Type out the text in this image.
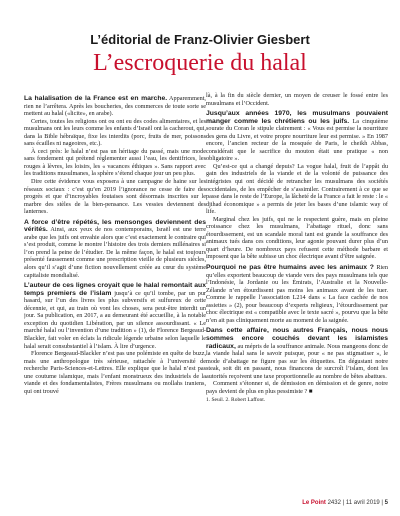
L’éditorial de Franz-Olivier Giesbert
L’escroquerie du halal

La halalisation de la France est en marche. Apparemment, rien ne l’arrêtera. Après les boucheries, des commerces de toute sorte se mettent au halal («licite», en arabe).

Certes, toutes les religions ont ou ont eu des codes alimentaires, et les musulmans ont les leurs comme les enfants d’Israël ont la cacherout, qui, dans la Bible hébraïque, fixe les interdits (porc, fruits de mer, poissons sans écailles ni nageoires, etc.).

À ceci près: le halal n’est pas un héritage du passé, mais une mode sans fondement qui prétend réglementer aussi l’eau, les dentifrices, les rouges à lèvres, les loisirs, les « vacances éthiques ». Sans rapport avec les traditions musulmanes, la sphère s’étend chaque jour un peu plus.

Dire cette évidence vous exposera à une campagne de haine sur les réseaux sociaux : c’est qu’en 2019 l’ignorance ne cesse de faire des progrès et que d’incroyables foutaises sont désormais inscrites sur le marbre des stèles de la bien-pensance. Les vessies deviennent des lanternes.

A force d’être répétés, les mensonges deviennent des vérités. Ainsi, aux yeux de nos contemporains, Israël est une terre arabe que les juifs ont envahie alors que c’est exactement le contraire qui s’est produit, comme le montre l’histoire des trois derniers millénaires si l’on prend la peine de l’étudier. De la même façon, le halal est toujours présenté faussement comme une prescription vieille de plusieurs siècles, alors qu’il s’agit d’une fiction nouvellement créée au cœur du système capitaliste mondialisé.

L’auteur de ces lignes croyait que le halal remontait aux temps premiers de l’islam jusqu’à ce qu’il tombe, par un pur hasard, sur l’un des livres les plus subversifs et sulfureux de cette décennie, et qui, au train où vont les choses, sera peut-être interdit un jour. Sa publication, en 2017, a au demeurant été accueillie, à la notable exception du quotidien Libération, par un silence assourdissant. « Le marché halal ou l’invention d’une tradition » (1), de Florence Bergeaud-Blackler, fait voler en éclats la ridicule légende urbaine selon laquelle le halal serait consubstantiel à l’islam. À lire d’urgence.

Florence Bergeaud-Blackler n’est pas une polémiste en quête de buzz, mais une anthropologue très sérieuse, rattachée à l’université de recherche Paris-Sciences-et-Lettres. Elle explique que le halal n’est pas une coutume islamique, mais l’enfant monstrueux des industriels de la viande et des fondamentalistes, Frères musulmans ou mollahs iraniens, qui ont trouvé

là, à la fin du siècle dernier, un moyen de creuser le fossé entre les musulmans et l’Occident.

Jusqu’aux années 1970, les musulmans pouvaient manger comme les chrétiens ou les juifs. La cinquième sourate du Coran le stipule clairement : « Vous est permise la nourriture des gens du Livre, et votre propre nourriture leur est permise. » En 1987 encore, l’ancien recteur de la mosquée de Paris, le cheikh Abbas, considérait que le sacrifice du mouton était une pratique « non obligatoire ».

Qu’est-ce qui a changé depuis? La vogue halal, fruit de l’appât du gain des industriels de la viande et de la volonté de puissance des intégristes qui ont décidé de retrancher les musulmans des sociétés occidentales, de les empêcher de s’assimiler. Contrairement à ce que se passe dans le reste de l’Europe, la lâcheté de la France a fait le reste : le « djihad économique » a permis de jeter les bases d’une islamic way of life.

Marginal chez les juifs, qui ne le respectent guère, mais en pleine croissance chez les musulmans, l’abattage rituel, donc sans étourdissement, est un scandale moral tant est grande la souffrance des animaux tués dans ces conditions, leur agonie pouvant durer plus d’un quart d’heure. De nombreux pays refusent cette méthode barbare et imposent que la bête subisse un choc électrique avant d’être saignée.

Pourquoi ne pas être humains avec les animaux ? Rien qu’elles exportent beaucoup de viande vers des pays musulmans tels que l’Indonésie, la Jordanie ou les Émirats, l’Australie et la Nouvelle-Zélande n’en étourdissent pas moins les animaux avant de les tuer. Comme le rappelle l’association L214 dans « La face cachée de nos assiettes » (2), pour beaucoup d’experts religieux, l’étourdissement par choc électrique est « compatible avec le texte sacré », pourvu que la bête n’en ait pas cliniquement morte au moment de la saignée.

Dans cette affaire, nous autres Français, nous nous sommes encore couchés devant les islamistes radicaux, au mépris de la souffrance animale. Nous mangeons donc de la viande halal sans le savoir puisque, pour « ne pas stigmatiser », le mode d’abattage ne figure pas sur les étiquettes. En dégustant notre steak, soit dit en passant, nous financons de surcroît l’islam, dont les autorités reçoivent une taxe proportionnelle au nombre de bêtes abattues.

Comment s’étonner si, de démission en démission et de genre, notre pays devient de plus en plus pessimiste ? ■

1. Seuil. 2. Robert Laffont.

Le Point 2432 | 11 avril 2019 | 5
